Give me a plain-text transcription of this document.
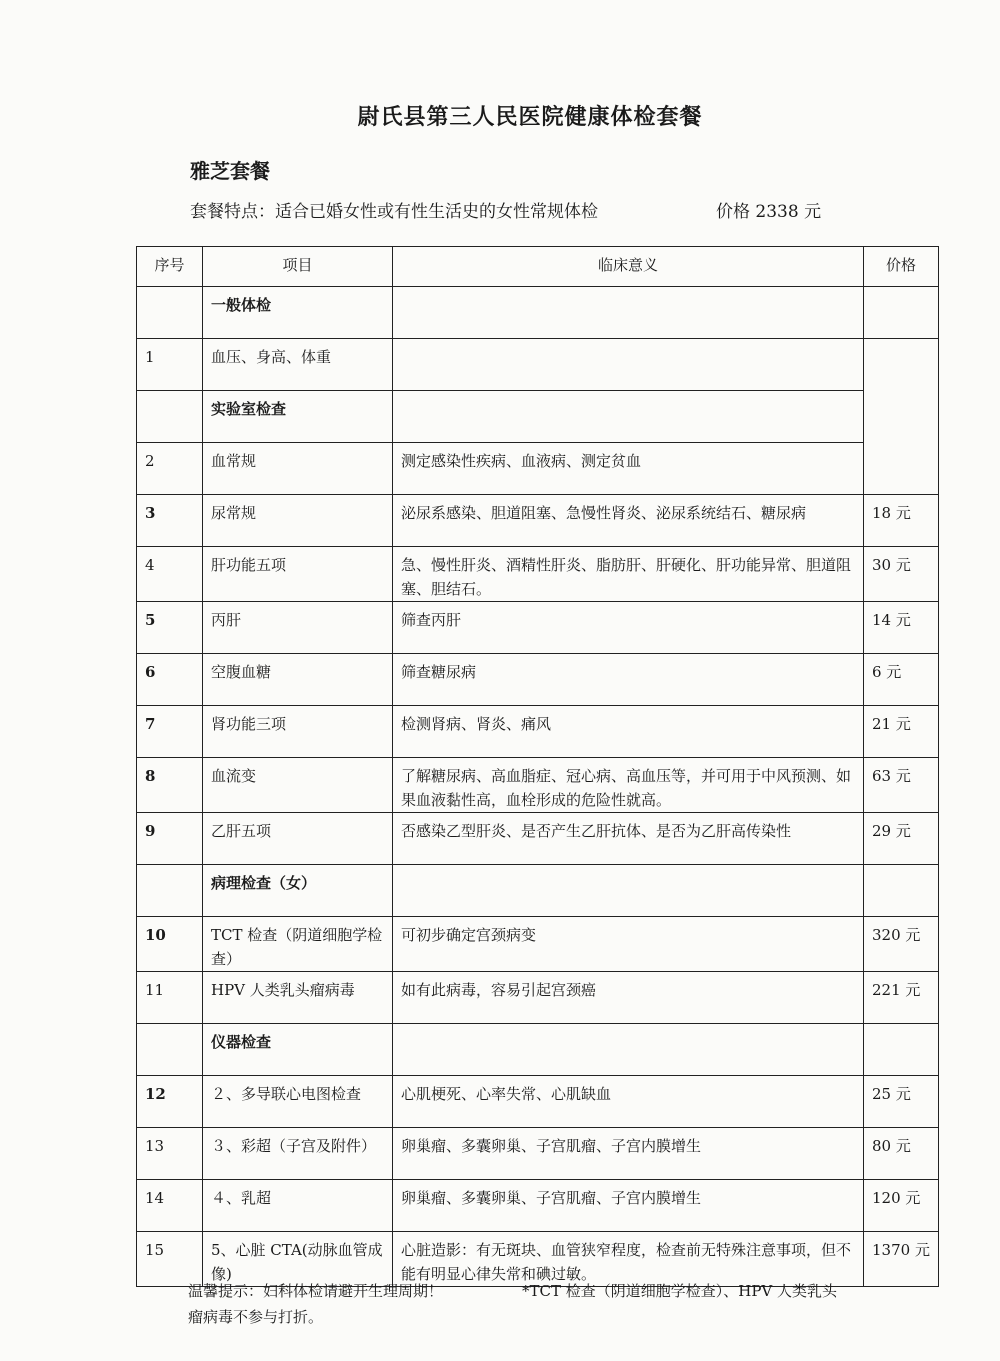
尉氏县第三人民医院健康体检套餐
雅芝套餐
套餐特点：适合已婚女性或有性生活史的女性常规体检	价格 2338 元
序号	项目	临床意义	价格
	一般体检		
1	血压、身高、体重		
	实验室检查		
2	血常规	测定感染性疾病、血液病、测定贫血	
3	尿常规	泌尿系感染、胆道阻塞、急慢性肾炎、泌尿系统结石、糖尿病	18 元
4	肝功能五项	急、慢性肝炎、酒精性肝炎、脂肪肝、肝硬化、肝功能异常、胆道阻塞、胆结石。	30 元
5	丙肝	筛查丙肝	14 元
6	空腹血糖	筛查糖尿病	6 元
7	肾功能三项	检测肾病、肾炎、痛风	21 元
8	血流变	了解糖尿病、高血脂症、冠心病、高血压等，并可用于中风预测、如果血液黏性高，血栓形成的危险性就高。	63 元
9	乙肝五项	否感染乙型肝炎、是否产生乙肝抗体、是否为乙肝高传染性	29 元
	病理检查（女）		
10	TCT 检查（阴道细胞学检查）	可初步确定宫颈病变	320 元
11	HPV 人类乳头瘤病毒	如有此病毒，容易引起宫颈癌	221 元
	仪器检查		
12	２、多导联心电图检查	心肌梗死、心率失常、心肌缺血	25 元
13	３、彩超（子宫及附件）	卵巢瘤、多囊卵巢、子宫肌瘤、子宫内膜增生	80 元
14	４、乳超	卵巢瘤、多囊卵巢、子宫肌瘤、子宫内膜增生	120 元
15	5、心脏 CTA(动脉血管成像)	心脏造影：有无斑块、血管狭窄程度，检查前无特殊注意事项，但不能有明显心律失常和碘过敏。	1370 元
温馨提示：妇科体检请避开生理周期！	*TCT 检查（阴道细胞学检查）、HPV 人类乳头
瘤病毒不参与打折。
